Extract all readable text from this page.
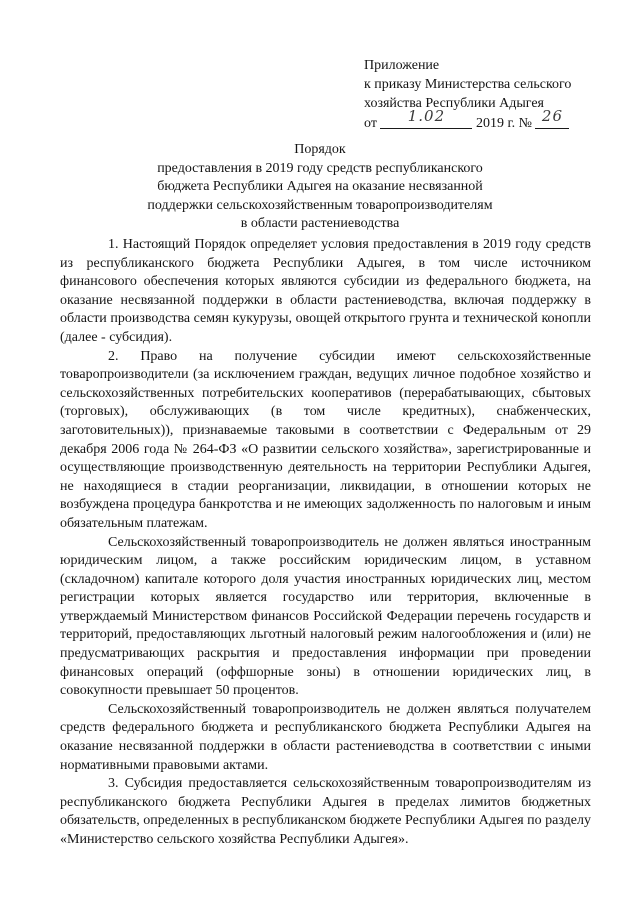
Приложение
к приказу Министерства сельского
хозяйства Республики Адыгея
от 1.02 2019 г. № 26
Порядок
предоставления в 2019 году средств республиканского
бюджета Республики Адыгея на оказание несвязанной
поддержки сельскохозяйственным товаропроизводителям
в области растениеводства

1. Настоящий Порядок определяет условия предоставления в 2019 году средств из республиканского бюджета Республики Адыгея, в том числе источником финансового обеспечения которых являются субсидии из федерального бюджета, на оказание несвязанной поддержки в области растениеводства, включая поддержку в области производства семян кукурузы, овощей открытого грунта и технической конопли (далее - субсидия).

2. Право на получение субсидии имеют сельскохозяйственные товаропроизводители (за исключением граждан, ведущих личное подобное хозяйство и сельскохозяйственных потребительских кооперативов (перерабатывающих, сбытовых (торговых), обслуживающих (в том числе кредитных), снабженческих, заготовительных)), признаваемые таковыми в соответствии с Федеральным от 29 декабря 2006 года № 264-ФЗ «О развитии сельского хозяйства», зарегистрированные и осуществляющие производственную деятельность на территории Республики Адыгея, не находящиеся в стадии реорганизации, ликвидации, в отношении которых не возбуждена процедура банкротства и не имеющих задолженность по налоговым и иным обязательным платежам.

Сельскохозяйственный товаропроизводитель не должен являться иностранным юридическим лицом, а также российским юридическим лицом, в уставном (складочном) капитале которого доля участия иностранных юридических лиц, местом регистрации которых является государство или территория, включенные в утверждаемый Министерством финансов Российской Федерации перечень государств и территорий, предоставляющих льготный налоговый режим налогообложения и (или) не предусматривающих раскрытия и предоставления информации при проведении финансовых операций (оффшорные зоны) в отношении юридических лиц, в совокупности превышает 50 процентов.

Сельскохозяйственный товаропроизводитель не должен являться получателем средств федерального бюджета и республиканского бюджета Республики Адыгея на оказание несвязанной поддержки в области растениеводства в соответствии с иными нормативными правовыми актами.

3. Субсидия предоставляется сельскохозяйственным товаропроизводителям из республиканского бюджета Республики Адыгея в пределах лимитов бюджетных обязательств, определенных в республиканском бюджете Республики Адыгея по разделу «Министерство сельского хозяйства Республики Адыгея».
